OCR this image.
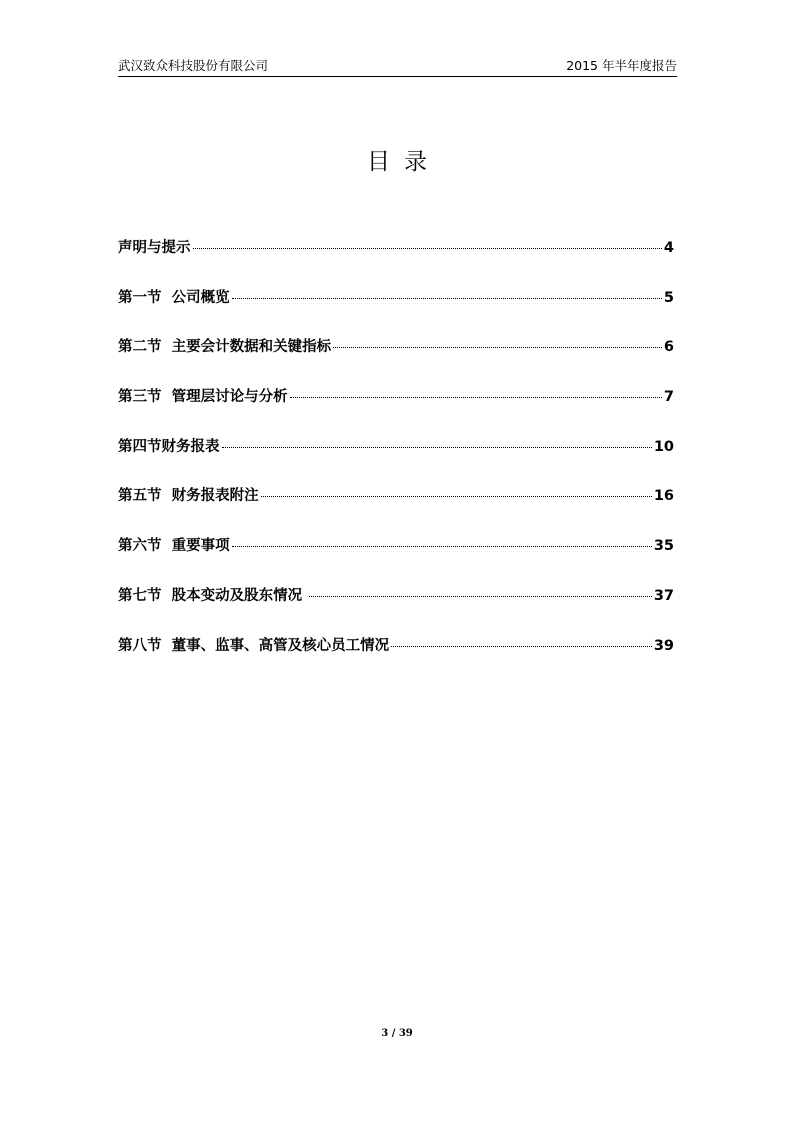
武汉致众科技股份有限公司	2015 年半年度报告
目录
声明与提示	4
第一节  公司概览	5
第二节  主要会计数据和关键指标	6
第三节  管理层讨论与分析	7
第四节财务报表	10
第五节  财务报表附注	16
第六节  重要事项	35
第七节  股本变动及股东情况	37
第八节  董事、监事、高管及核心员工情况	39
3 / 39
